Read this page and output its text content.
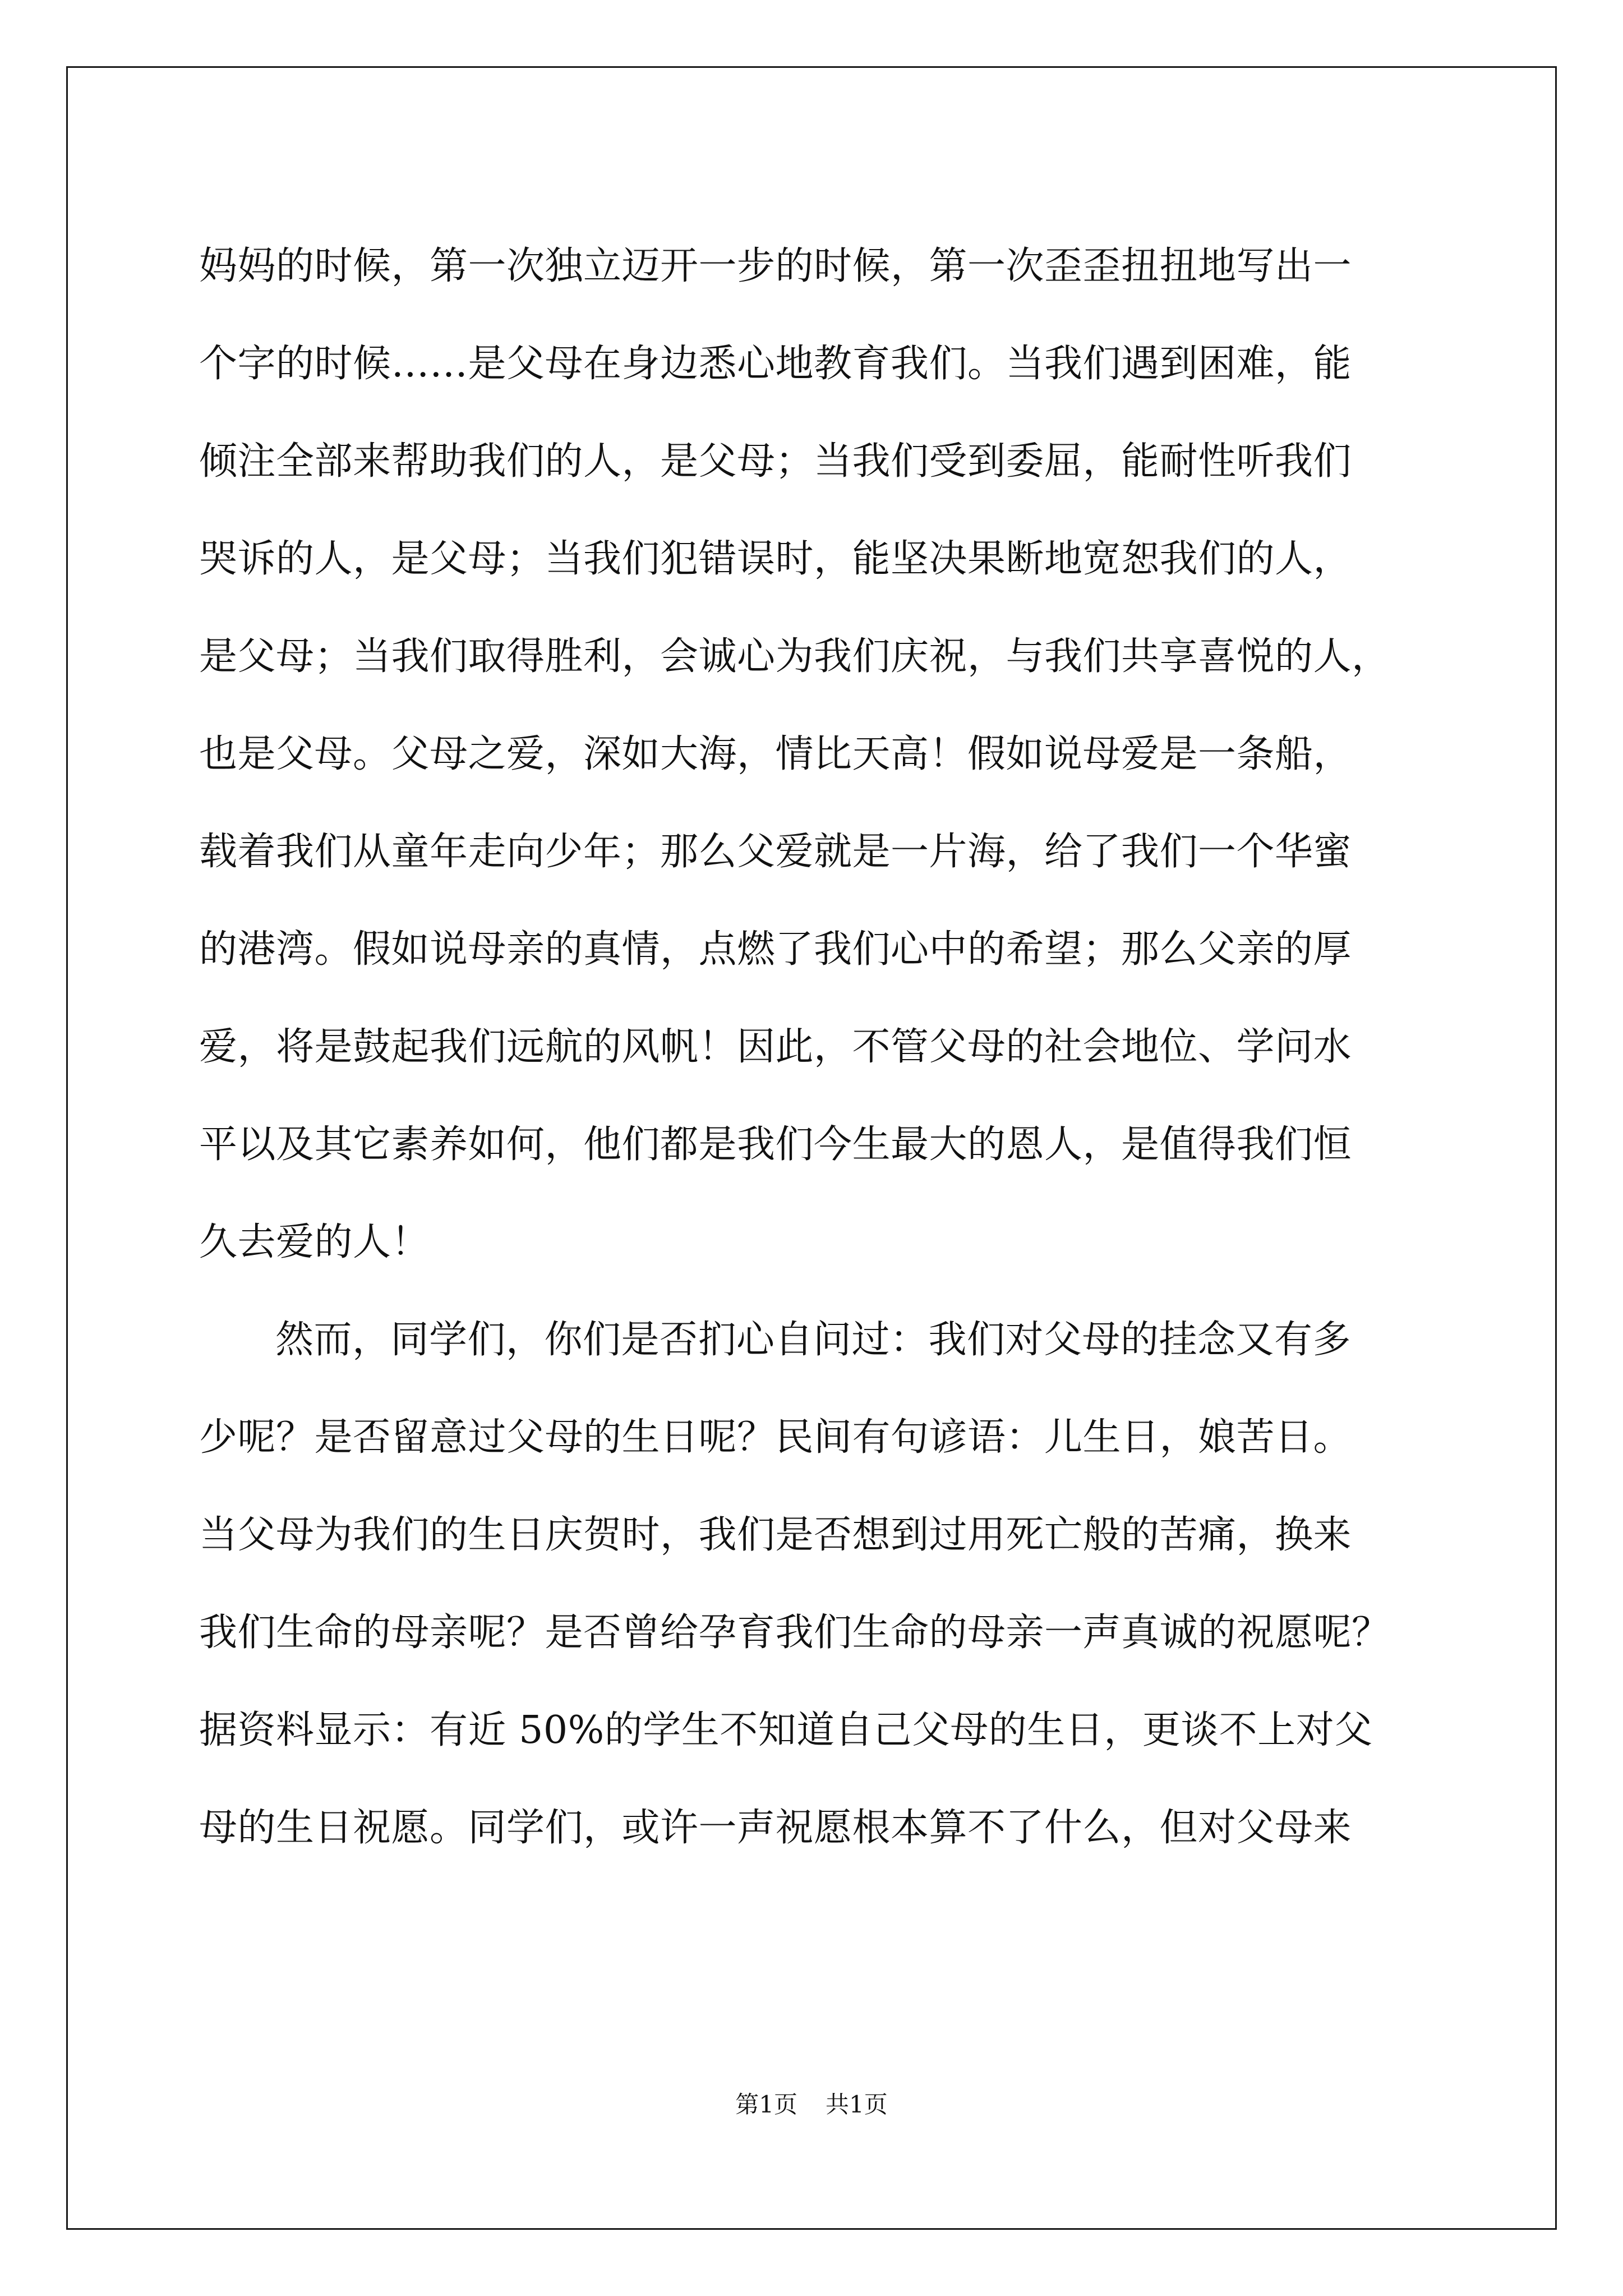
妈妈的时候，第一次独立迈开一步的时候，第一次歪歪扭扭地写出一
个字的时候……是父母在身边悉心地教育我们。当我们遇到困难，能
倾注全部来帮助我们的人，是父母；当我们受到委屈，能耐性听我们
哭诉的人，是父母；当我们犯错误时，能坚决果断地宽恕我们的人，
是父母；当我们取得胜利，会诚心为我们庆祝，与我们共享喜悦的人，
也是父母。父母之爱，深如大海，情比天高！假如说母爱是一条船，
载着我们从童年走向少年；那么父爱就是一片海，给了我们一个华蜜
的港湾。假如说母亲的真情，点燃了我们心中的希望；那么父亲的厚
爱，将是鼓起我们远航的风帆！因此，不管父母的社会地位、学问水
平以及其它素养如何，他们都是我们今生最大的恩人，是值得我们恒
久去爱的人！
然而，同学们，你们是否扪心自问过：我们对父母的挂念又有多
少呢？是否留意过父母的生日呢？民间有句谚语：儿生日，娘苦日。
当父母为我们的生日庆贺时，我们是否想到过用死亡般的苦痛，换来
我们生命的母亲呢？是否曾给孕育我们生命的母亲一声真诚的祝愿呢？
据资料显示：有近 50%的学生不知道自己父母的生日，更谈不上对父
母的生日祝愿。同学们，或许一声祝愿根本算不了什么，但对父母来
第1页 共1页
